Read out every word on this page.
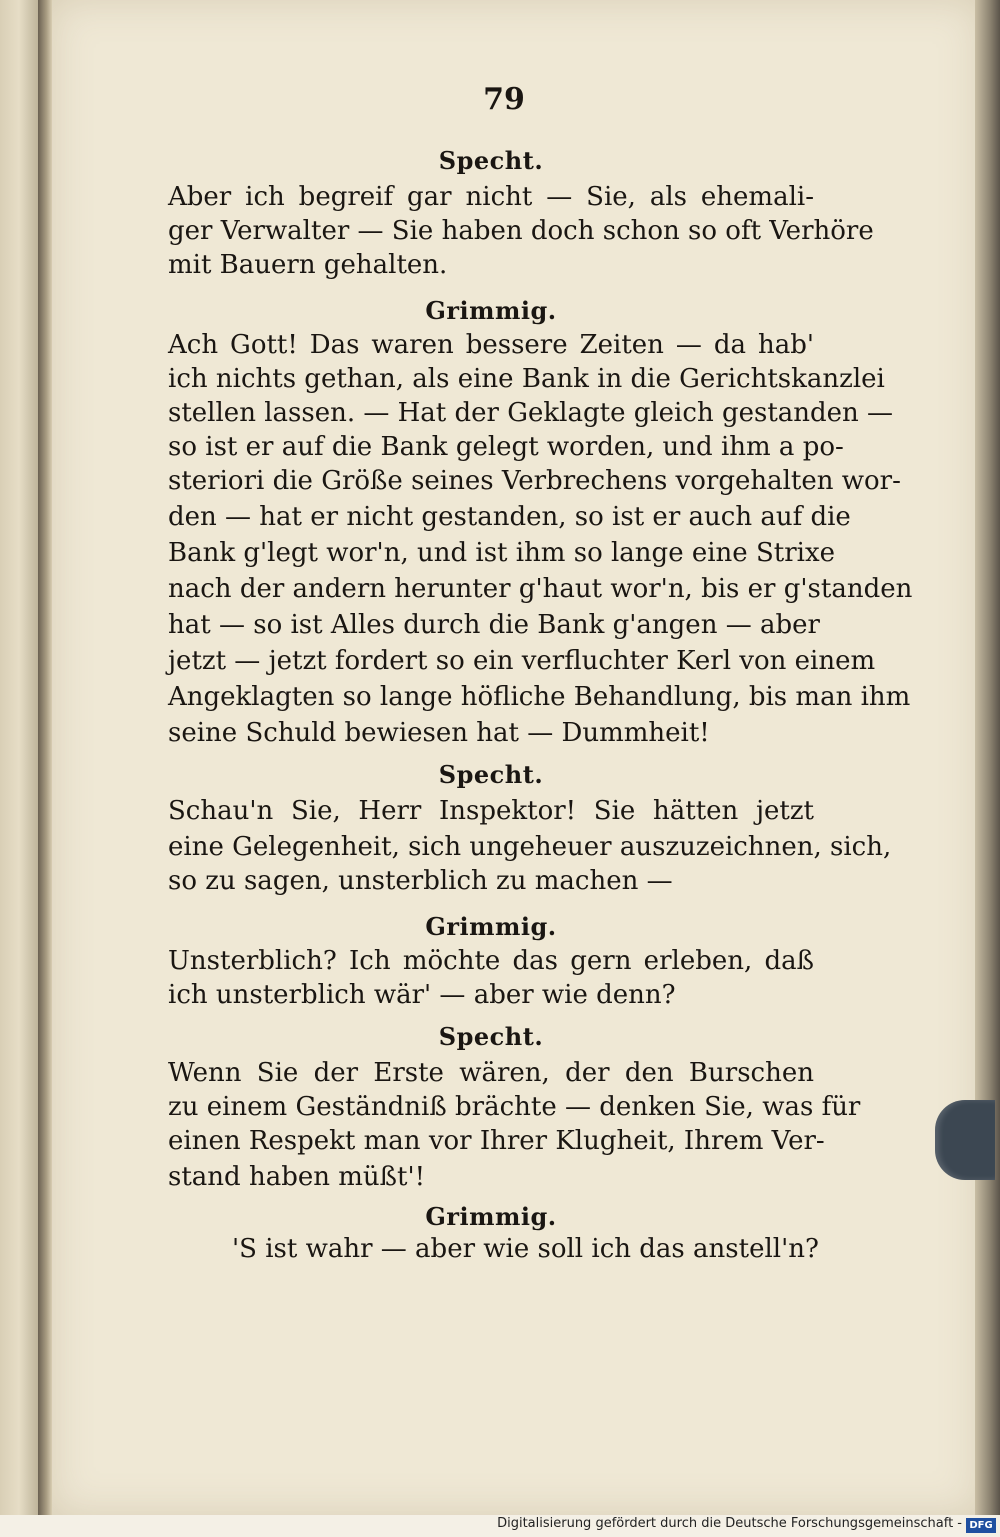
79
Specht.
Aber ich begreif gar nicht — Sie, als ehemali-
ger Verwalter — Sie haben doch schon so oft Verhöre
mit Bauern gehalten.
Grimmig.
Ach Gott! Das waren bessere Zeiten — da hab'
ich nichts gethan, als eine Bank in die Gerichtskanzlei
stellen lassen. — Hat der Geklagte gleich gestanden —
so ist er auf die Bank gelegt worden, und ihm a po-
steriori die Größe seines Verbrechens vorgehalten wor-
den — hat er nicht gestanden, so ist er auch auf die
Bank g'legt wor'n, und ist ihm so lange eine Strixe
nach der andern herunter g'haut wor'n, bis er g'standen
hat — so ist Alles durch die Bank g'angen — aber
jetzt — jetzt fordert so ein verfluchter Kerl von einem
Angeklagten so lange höfliche Behandlung, bis man ihm
seine Schuld bewiesen hat — Dummheit!
Specht.
Schau'n Sie, Herr Inspektor! Sie hätten jetzt
eine Gelegenheit, sich ungeheuer auszuzeichnen, sich,
so zu sagen, unsterblich zu machen —
Grimmig.
Unsterblich? Ich möchte das gern erleben, daß
ich unsterblich wär' — aber wie denn?
Specht.
Wenn Sie der Erste wären, der den Burschen
zu einem Geständniß brächte — denken Sie, was für
einen Respekt man vor Ihrer Klugheit, Ihrem Ver-
stand haben müßt'!
Grimmig.
'S ist wahr — aber wie soll ich das anstell'n?
Digitalisierung gefördert durch die Deutsche Forschungsgemeinschaft - DFG
